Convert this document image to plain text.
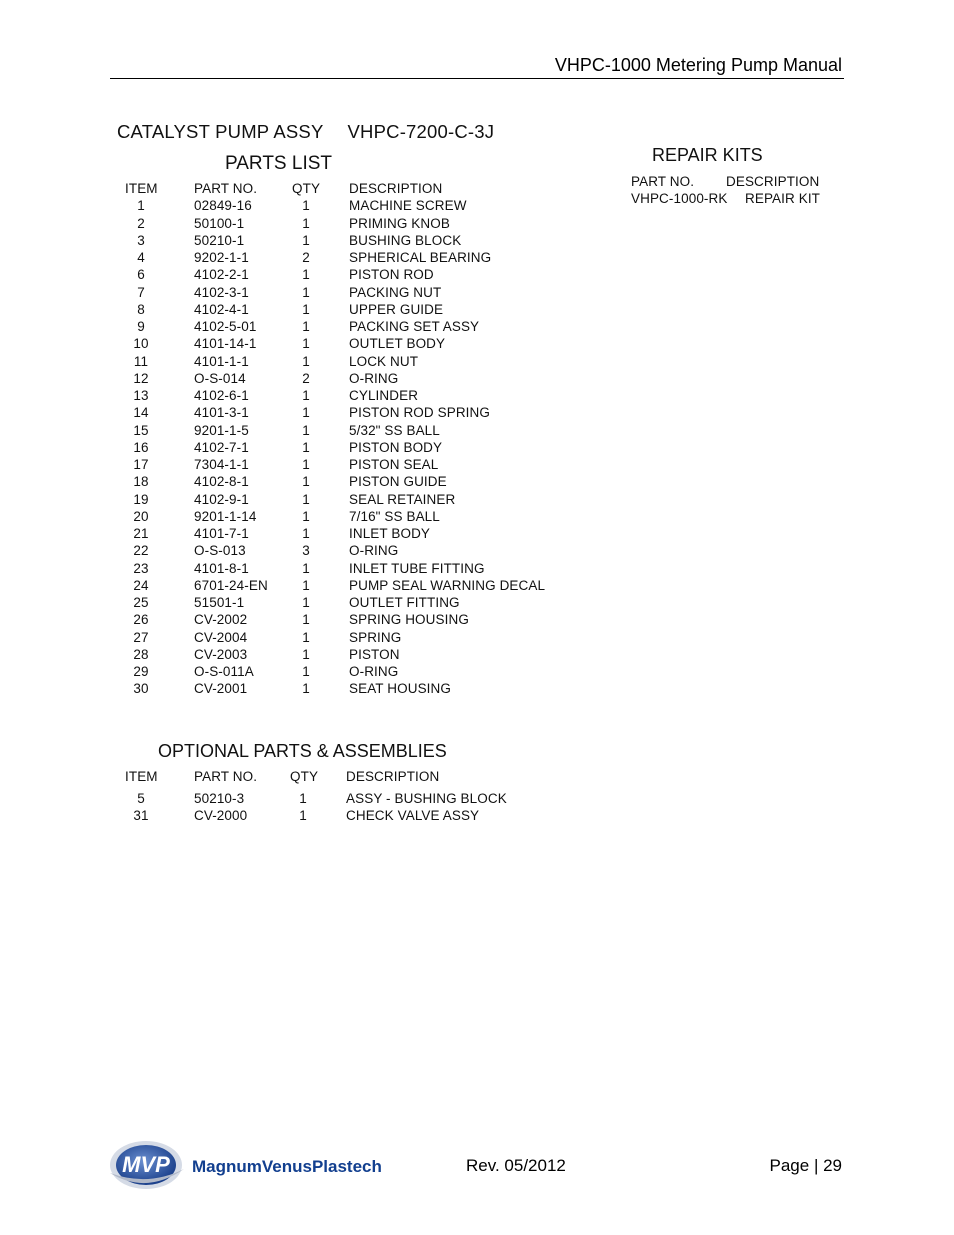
VHPC-1000 Metering Pump Manual
CATALYST PUMP ASSY VHPC-7200-C-3J
PARTS LIST
ITEM	PART NO.	QTY DESCRIPTION
1	02849-16	1	MACHINE SCREW
2	50100-1	1	PRIMING KNOB
3	50210-1	1	BUSHING BLOCK
4	9202-1-1	2	SPHERICAL BEARING
6	4102-2-1	1	PISTON ROD
7	4102-3-1	1	PACKING NUT
8	4102-4-1	1	UPPER GUIDE
9	4102-5-01	1	PACKING SET ASSY
10	4101-14-1	1	OUTLET BODY
11	4101-1-1	1	LOCK NUT
12	O-S-014	2	O-RING
13	4102-6-1	1	CYLINDER
14	4101-3-1	1	PISTON ROD SPRING
15	9201-1-5	1	5/32" SS BALL
16	4102-7-1	1	PISTON BODY
17	7304-1-1	1	PISTON SEAL
18	4102-8-1	1	PISTON GUIDE
19	4102-9-1	1	SEAL RETAINER
20	9201-1-14	1	7/16" SS BALL
21	4101-7-1	1	INLET BODY
22	O-S-013	3	O-RING
23	4101-8-1	1	INLET TUBE FITTING
24	6701-24-EN	1	PUMP SEAL WARNING DECAL
25	51501-1	1	OUTLET FITTING
26	CV-2002	1	SPRING HOUSING
27	CV-2004	1	SPRING
28	CV-2003	1	PISTON
29	O-S-011A	1	O-RING
30	CV-2001	1	SEAT HOUSING
REPAIR KITS
PART NO. DESCRIPTION
VHPC-1000-RK REPAIR KIT
OPTIONAL PARTS & ASSEMBLIES
ITEM	PART NO. QTY DESCRIPTION
5	50210-3	1	ASSY - BUSHING BLOCK
31	CV-2000	1	CHECK VALVE ASSY
MVP MagnumVenusPlastech	Rev. 05/2012	Page | 29
